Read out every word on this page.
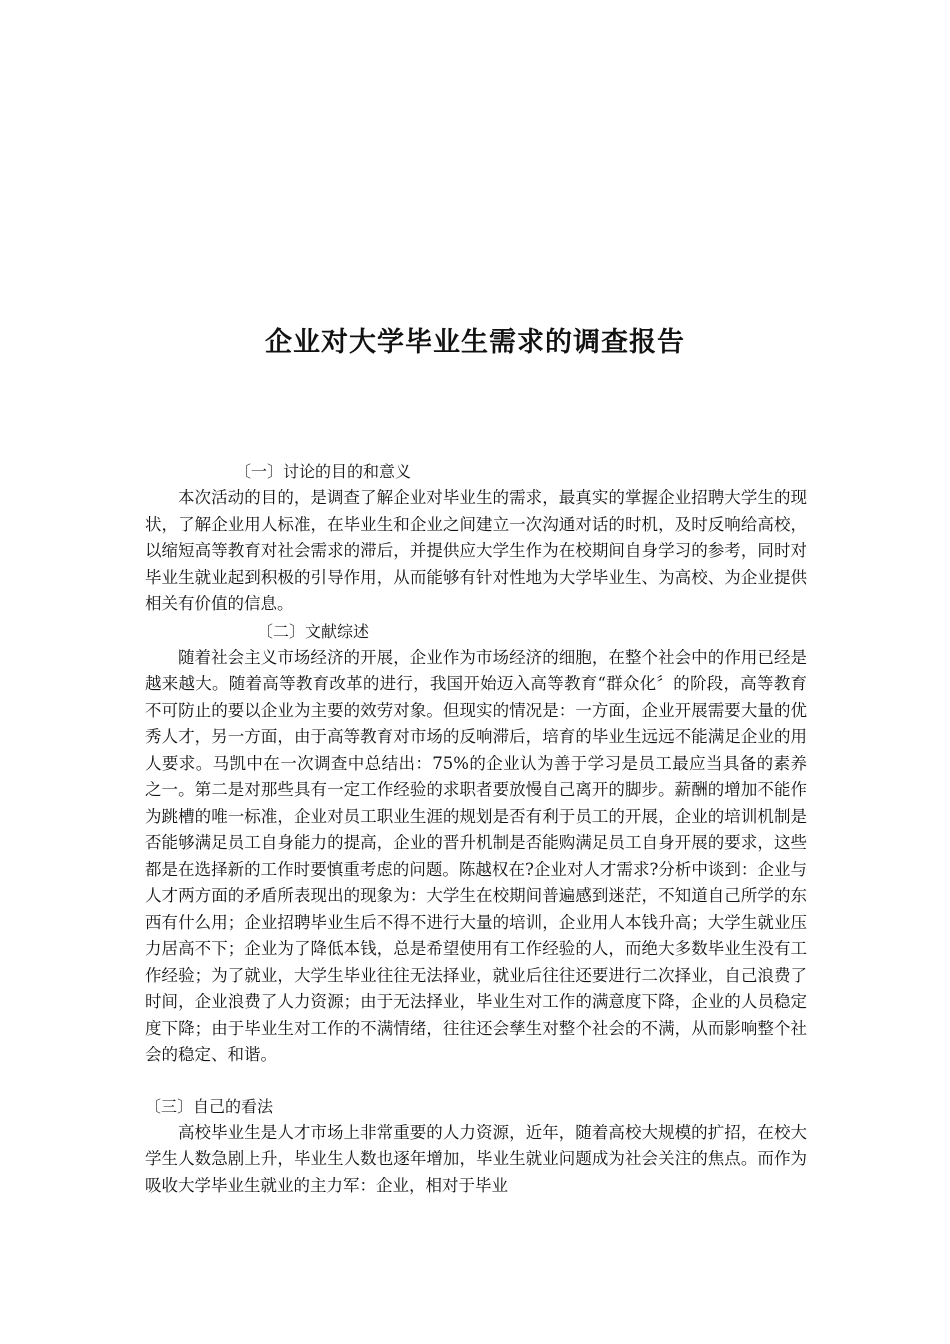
企业对大学毕业生需求的调查报告
〔一〕讨论的目的和意义

本次活动的目的，是调查了解企业对毕业生的需求，最真实的掌握企业招聘大学生的现状，了解企业用人标准，在毕业生和企业之间建立一次沟通对话的时机，及时反响给高校，以缩短高等教育对社会需求的滞后，并提供应大学生作为在校期间自身学习的参考，同时对毕业生就业起到积极的引导作用，从而能够有针对性地为大学毕业生、为高校、为企业提供相关有价值的信息。

〔二〕文献综述

随着社会主义市场经济的开展，企业作为市场经济的细胞，在整个社会中的作用已经是越来越大。随着高等教育改革的进行，我国开始迈入高等教育“群众化〞的阶段，高等教育不可防止的要以企业为主要的效劳对象。但现实的情况是：一方面，企业开展需要大量的优秀人才，另一方面，由于高等教育对市场的反响滞后，培育的毕业生远远不能满足企业的用人要求。马凯中在一次调查中总结出：75%的企业认为善于学习是员工最应当具备的素养之一。第二是对那些具有一定工作经验的求职者要放慢自己离开的脚步。薪酬的增加不能作为跳槽的唯一标准，企业对员工职业生涯的规划是否有利于员工的开展，企业的培训机制是否能够满足员工自身能力的提高，企业的晋升机制是否能购满足员工自身开展的要求，这些都是在选择新的工作时要慎重考虑的问题。陈越权在?企业对人才需求?分析中谈到：企业与人才两方面的矛盾所表现出的现象为：大学生在校期间普遍感到迷茫，不知道自己所学的东西有什么用；企业招聘毕业生后不得不进行大量的培训，企业用人本钱升高；大学生就业压力居高不下；企业为了降低本钱，总是希望使用有工作经验的人，而绝大多数毕业生没有工作经验；为了就业，大学生毕业往往无法择业，就业后往往还要进行二次择业，自己浪费了时间，企业浪费了人力资源；由于无法择业，毕业生对工作的满意度下降，企业的人员稳定度下降；由于毕业生对工作的不满情绪，往往还会孳生对整个社会的不满，从而影响整个社会的稳定、和谐。

〔三〕自己的看法

高校毕业生是人才市场上非常重要的人力资源，近年，随着高校大规模的扩招，在校大学生人数急剧上升，毕业生人数也逐年增加，毕业生就业问题成为社会关注的焦点。而作为吸收大学毕业生就业的主力军：企业，相对于毕业
